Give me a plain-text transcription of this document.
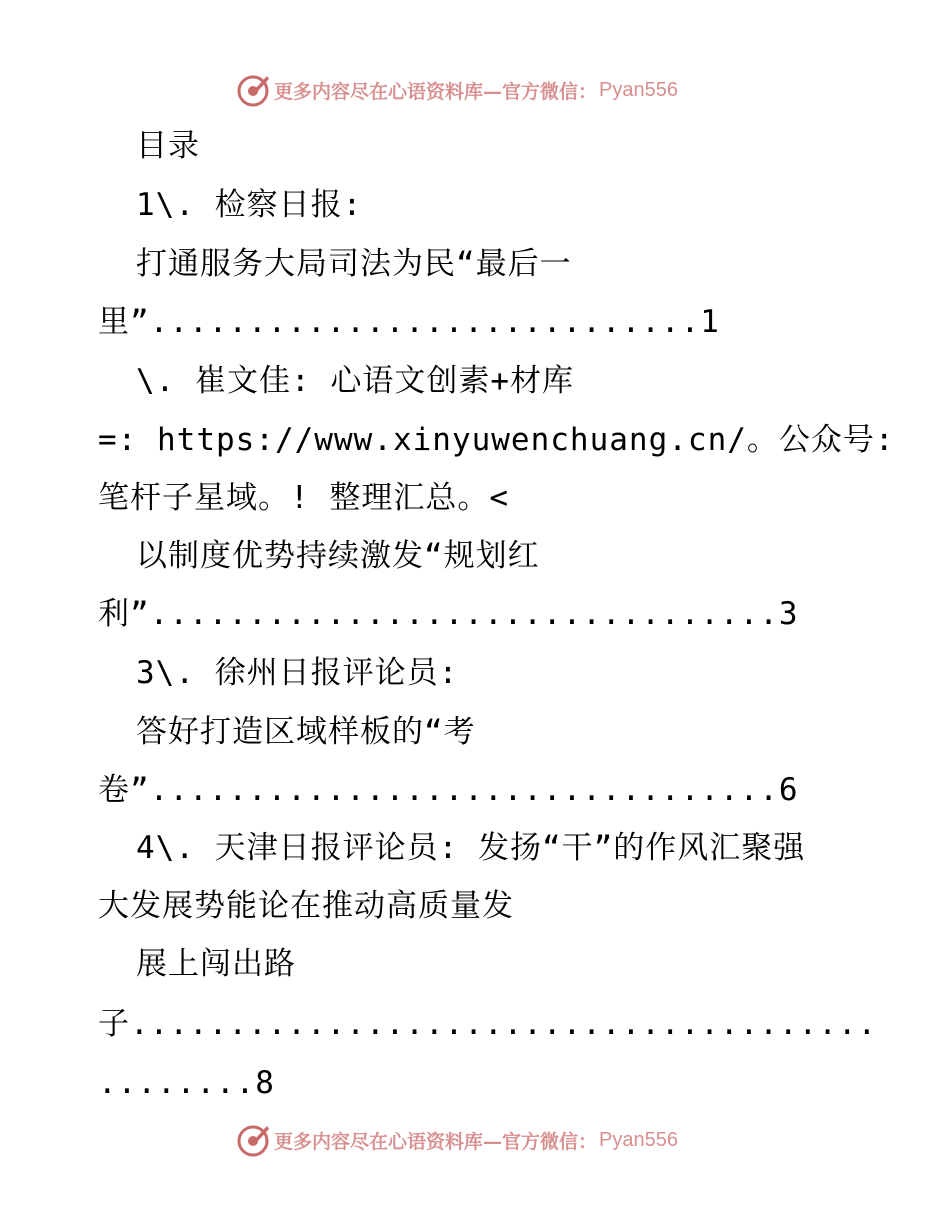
更多内容尽在心语资料库—官方微信： Pyan556
目录
1\. 检察日报:
打通服务大局司法为民“最后一
里”............................1
\. 崔文佳: 心语文创素+材库
=: https://www.xinyuwenchuang.cn/。公众号:
笔杆子星域。! 整理汇总。<
以制度优势持续激发“规划红
利”................................3
3\. 徐州日报评论员:
答好打造区域样板的“考
卷”................................6
4\. 天津日报评论员: 发扬“干”的作风汇聚强
大发展势能论在推动高质量发
展上闯出路
子......................................
........8
更多内容尽在心语资料库—官方微信： Pyan556
